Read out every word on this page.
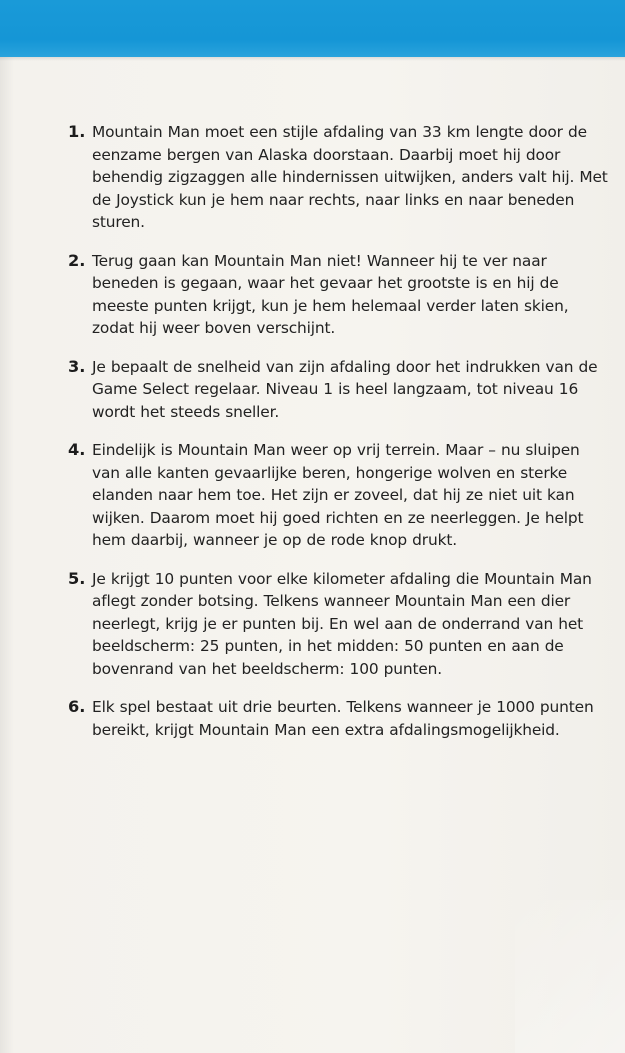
1. Mountain Man moet een stijle afdaling van 33 km lengte door de eenzame bergen van Alaska doorstaan. Daarbij moet hij door behendig zigzaggen alle hindernissen uitwijken, anders valt hij. Met de Joystick kun je hem naar rechts, naar links en naar beneden sturen.
2. Terug gaan kan Mountain Man niet! Wanneer hij te ver naar beneden is gegaan, waar het gevaar het grootste is en hij de meeste punten krijgt, kun je hem helemaal verder laten skien, zodat hij weer boven verschijnt.
3. Je bepaalt de snelheid van zijn afdaling door het indrukken van de Game Select regelaar. Niveau 1 is heel langzaam, tot niveau 16 wordt het steeds sneller.
4. Eindelijk is Mountain Man weer op vrij terrein. Maar – nu sluipen van alle kanten gevaarlijke beren, hongerige wolven en sterke elanden naar hem toe. Het zijn er zoveel, dat hij ze niet uit kan wijken. Daarom moet hij goed richten en ze neerleggen. Je helpt hem daarbij, wanneer je op de rode knop drukt.
5. Je krijgt 10 punten voor elke kilometer afdaling die Mountain Man aflegt zonder botsing. Telkens wanneer Mountain Man een dier neerlegt, krijg je er punten bij. En wel aan de onderrand van het beeldscherm: 25 punten, in het midden: 50 punten en aan de bovenrand van het beeldscherm: 100 punten.
6. Elk spel bestaat uit drie beurten. Telkens wanneer je 1000 punten bereikt, krijgt Mountain Man een extra afdalingsmogelijkheid.
